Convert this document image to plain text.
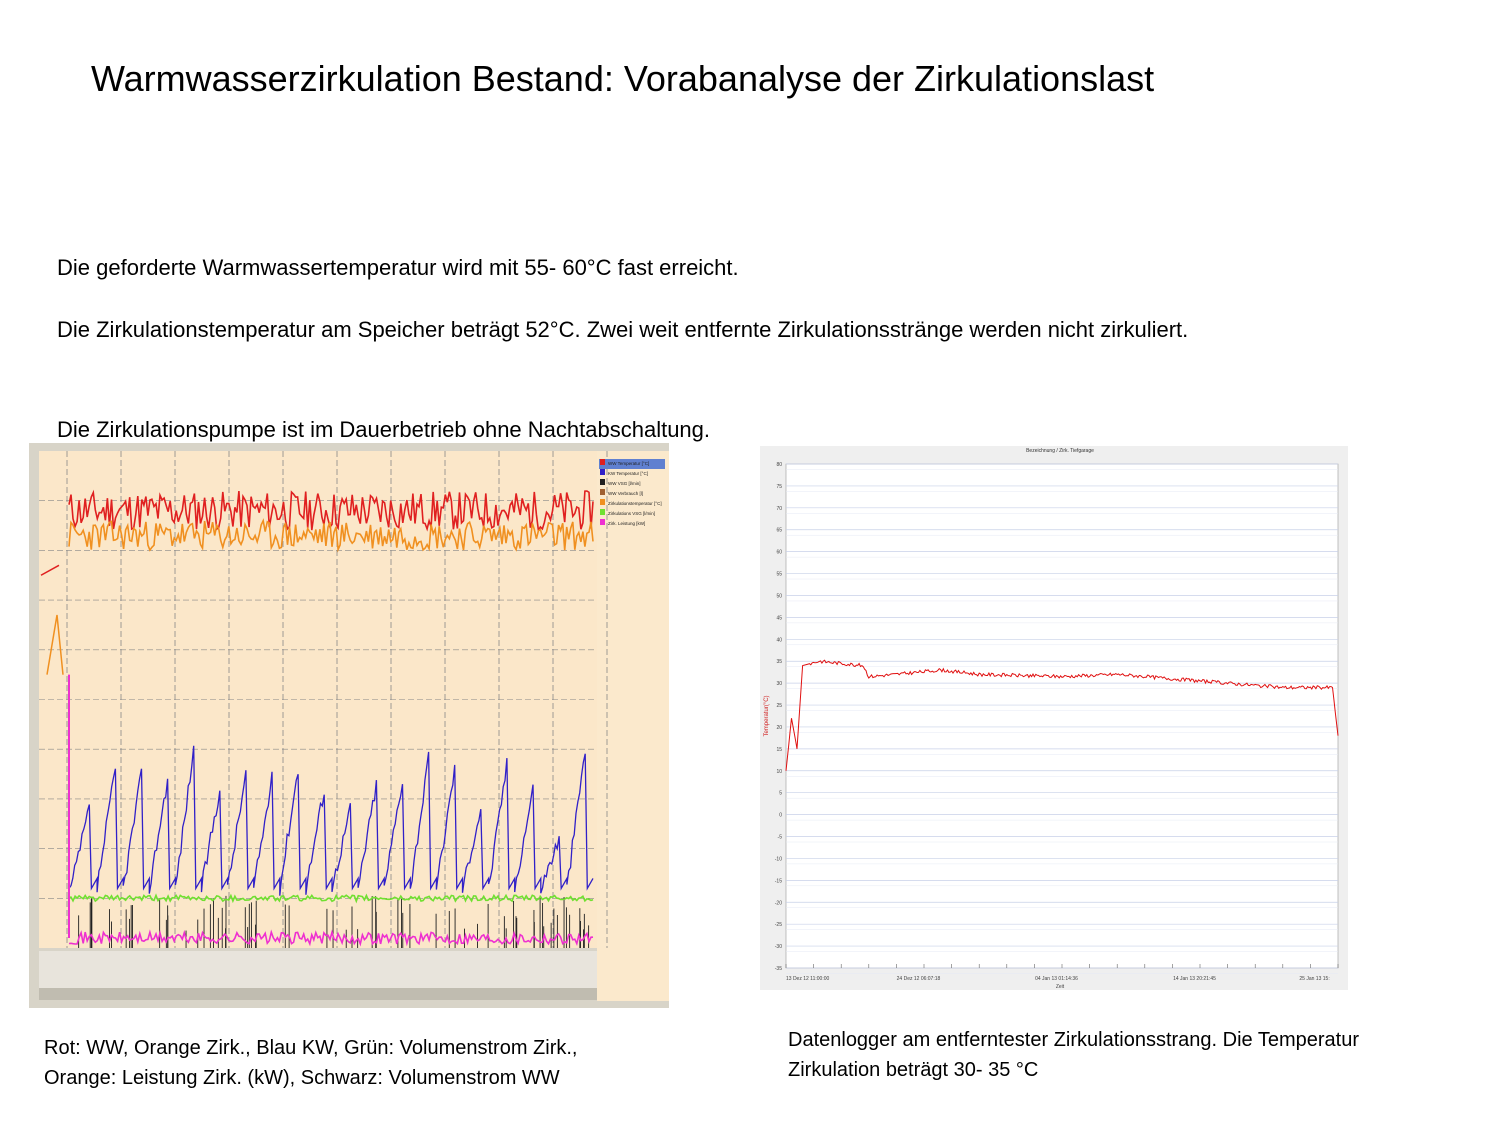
Warmwasserzirkulation Bestand: Vorabanalyse der Zirkulationslast
Die geforderte Warmwassertemperatur wird mit 55- 60°C fast erreicht.
Die Zirkulationstemperatur am Speicher beträgt 52°C. Zwei weit entfernte Zirkulationsstränge werden nicht zirkuliert.
Die Zirkulationspumpe ist im Dauerbetrieb ohne Nachtabschaltung.
WW Temperatur [°C]
KW Temperatur [°C]
WW VSG [l/min]
WW Verbrauch [l]
Zirkulationstemperatur [°C]
Zirkulations VSG [l/min]
Zirk. Leistung [kW]
Bezeichnung / Zirk. Tiefgarage
80
75
70
65
60
55
50
45
40
35
30
25
20
15
10
5
0
-5
-10
-15
-20
-25
-30
-35
13 Dez 12 11:00:00	24 Dez 12 06:07:18	04 Jan 13 01:14:36	14 Jan 13 20:21:45	25 Jan 13 15:
Zeit
Temperatur(°C)
Rot: WW, Orange Zirk., Blau KW, Grün: Volumenstrom Zirk.,
Orange: Leistung Zirk. (kW), Schwarz: Volumenstrom WW
Datenlogger am entferntester Zirkulationsstrang. Die Temperatur
Zirkulation beträgt 30- 35 °C
